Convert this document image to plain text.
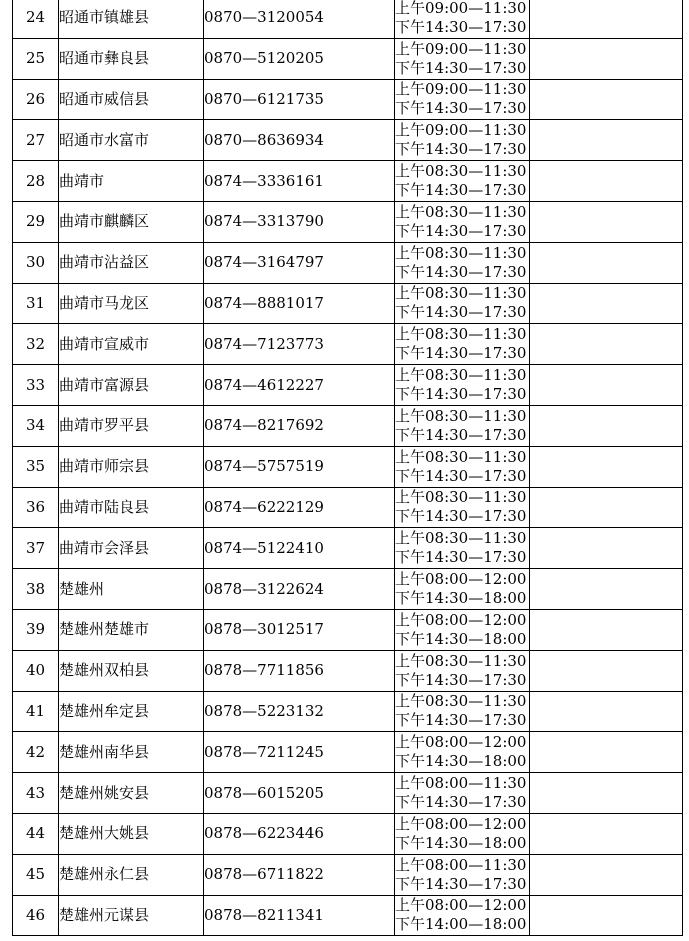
24	昭通市镇雄县	0870—3120054	上午09:00—11:30
下午14:30—17:30	

25	昭通市彝良县	0870—5120205	上午09:00—11:30
下午14:30—17:30	

26	昭通市威信县	0870—6121735	上午09:00—11:30
下午14:30—17:30	

27	昭通市水富市	0870—8636934	上午09:00—11:30
下午14:30—17:30	

28	曲靖市	0874—3336161	上午08:30—11:30
下午14:30—17:30	

29	曲靖市麒麟区	0874—3313790	上午08:30—11:30
下午14:30—17:30	

30	曲靖市沾益区	0874—3164797	上午08:30—11:30
下午14:30—17:30	

31	曲靖市马龙区	0874—8881017	上午08:30—11:30
下午14:30—17:30	

32	曲靖市宣威市	0874—7123773	上午08:30—11:30
下午14:30—17:30	

33	曲靖市富源县	0874—4612227	上午08:30—11:30
下午14:30—17:30	

34	曲靖市罗平县	0874—8217692	上午08:30—11:30
下午14:30—17:30	

35	曲靖市师宗县	0874—5757519	上午08:30—11:30
下午14:30—17:30	

36	曲靖市陆良县	0874—6222129	上午08:30—11:30
下午14:30—17:30	

37	曲靖市会泽县	0874—5122410	上午08:30—11:30
下午14:30—17:30	

38	楚雄州	0878—3122624	上午08:00—12:00
下午14:30—18:00	

39	楚雄州楚雄市	0878—3012517	上午08:00—12:00
下午14:30—18:00	

40	楚雄州双柏县	0878—7711856	上午08:30—11:30
下午14:30—17:30	

41	楚雄州牟定县	0878—5223132	上午08:30—11:30
下午14:30—17:30	

42	楚雄州南华县	0878—7211245	上午08:00—12:00
下午14:30—18:00	

43	楚雄州姚安县	0878—6015205	上午08:00—11:30
下午14:30—17:30	

44	楚雄州大姚县	0878—6223446	上午08:00—12:00
下午14:30—18:00	

45	楚雄州永仁县	0878—6711822	上午08:00—11:30
下午14:30—17:30	

46	楚雄州元谋县	0878—8211341	上午08:00—12:00
下午14:00—18:00	
